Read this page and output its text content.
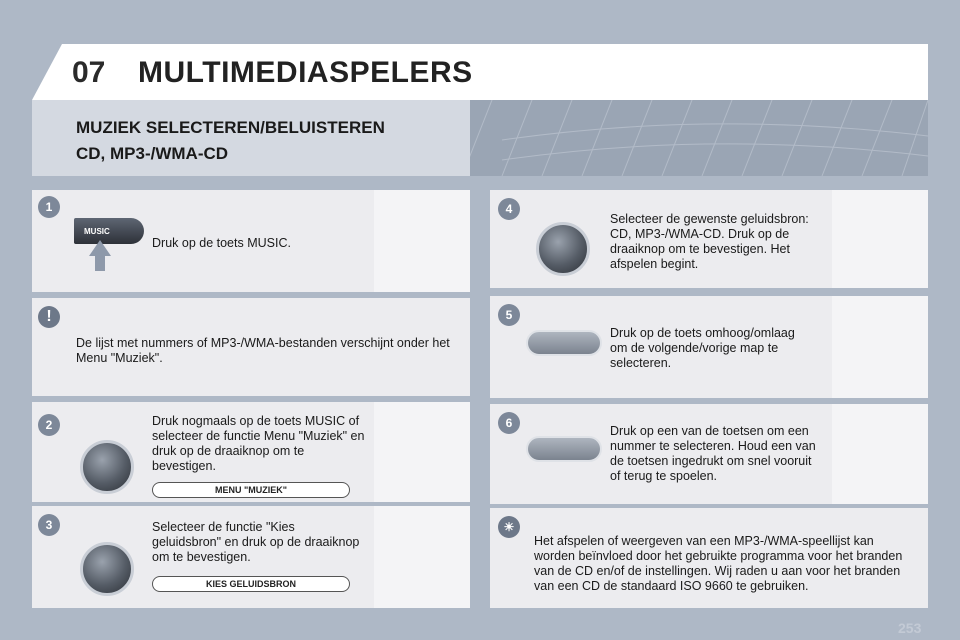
07 MULTIMEDIASPELERS
MUZIEK SELECTEREN/BELUISTEREN
CD, MP3-/WMA-CD
1
MUSIC
Druk op de toets MUSIC.
!
De lijst met nummers of MP3-/WMA-bestanden verschijnt onder het Menu "Muziek".
2	Druk nogmaals op de toets MUSIC of selecteer de functie Menu "Muziek" en druk op de draaiknop om te bevestigen.
MENU "MUZIEK"
3	Selecteer de functie "Kies geluidsbron" en druk op de draaiknop om te bevestigen.
KIES GELUIDSBRON
4
Selecteer de gewenste geluidsbron: CD, MP3-/WMA-CD. Druk op de draaiknop om te bevestigen. Het afspelen begint.
5
Druk op de toets omhoog/omlaag om de volgende/vorige map te selecteren.
6
Druk op een van de toetsen om een nummer te selecteren. Houd een van de toetsen ingedrukt om snel vooruit of terug te spoelen.
☀
Het afspelen of weergeven van een MP3-/WMA-speellijst kan worden beïnvloed door het gebruikte programma voor het branden van de CD en/of de instellingen. Wij raden u aan voor het branden van een CD de standaard ISO 9660 te gebruiken.
253
